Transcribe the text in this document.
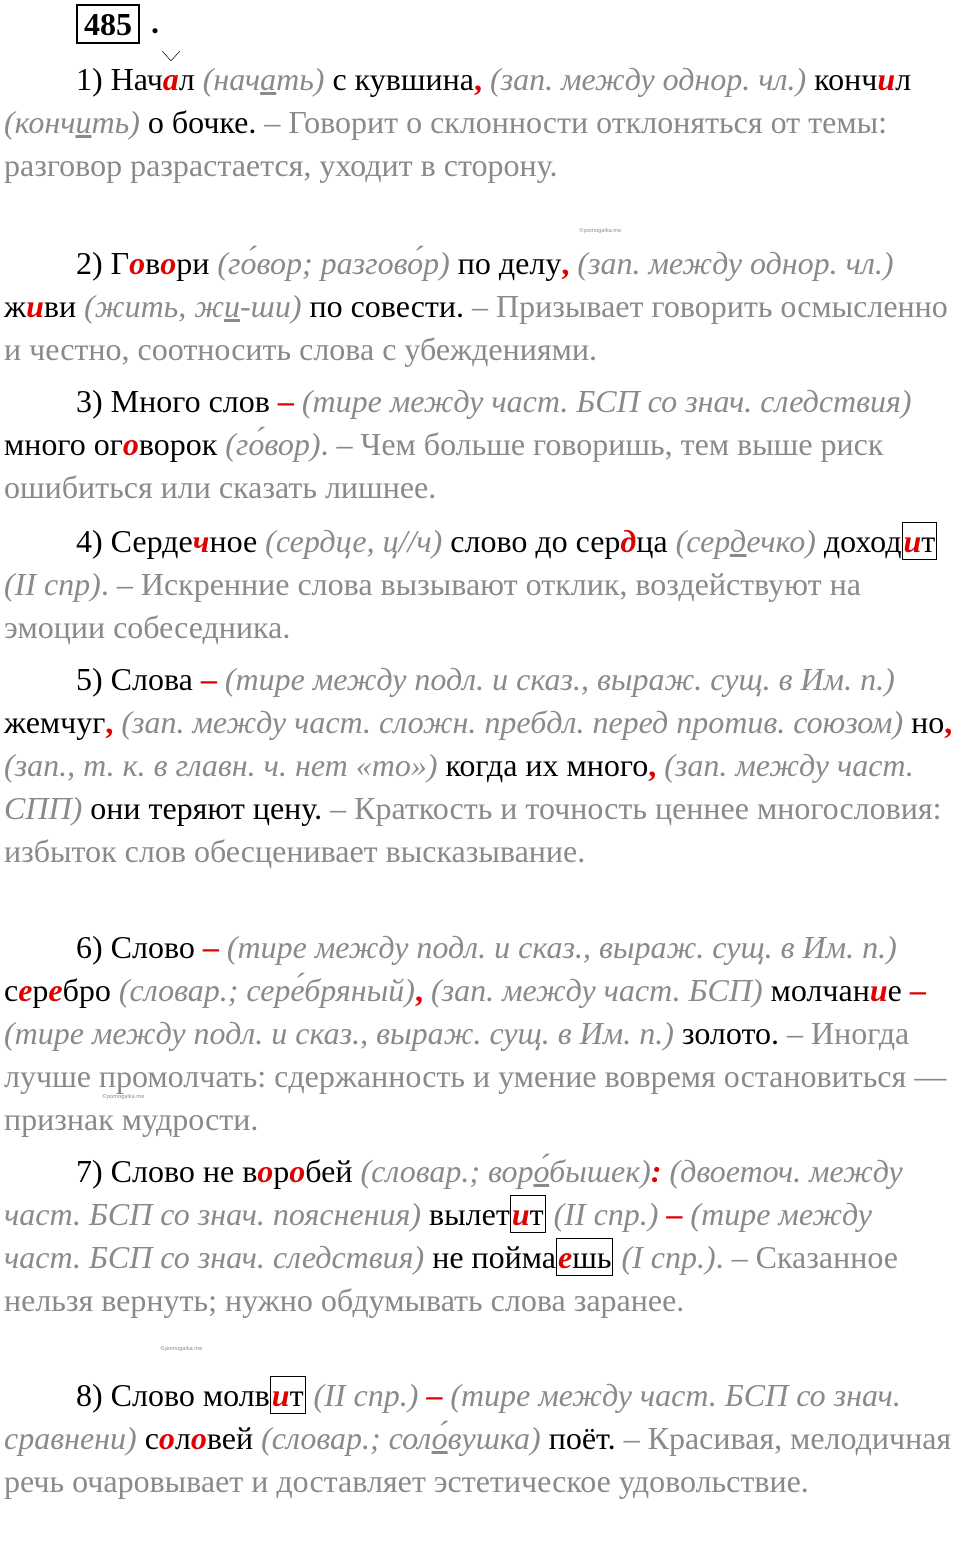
485 .

1) Начал (начать) с кувшина, (зап. между однор. чл.) кончил (кончить) о бочке. – Говорит о склонности отклоняться от темы: разговор разрастается, уходит в сторону.

©pomogalka.me

2) Говори (го́вор; разгово́р) по делу, (зап. между однор. чл.) живи (жить, жи-ши) по совести. – Призывает говорить осмысленно и честно, соотносить слова с убеждениями.

3) Много слов – (тире между част. БСП со знач. следствия) много оговорок (го́вор). – Чем больше говоришь, тем выше риск ошибиться или сказать лишнее.

4) Сердечное (сердце, ц//ч) слово до сердца (сердечко) доходит (II спр). – Искренние слова вызывают отклик, воздействуют на эмоции собеседника.

5) Слова – (тире между подл. и сказ., выраж. сущ. в Им. п.) жемчуг, (зап. между част. сложн. пребдл. перед против. союзом) но, (зап., т. к. в главн. ч. нет «то») когда их много, (зап. между част. СПП) они теряют цену. – Краткость и точность ценнее многословия: избыток слов обесценивает высказывание.

6) Слово – (тире между подл. и сказ., выраж. сущ. в Им. п.) серебро (словар.; сере́бряный), (зап. между част. БСП) молчание – (тире между подл. и сказ., выраж. сущ. в Им. п.) золото. – Иногда лучше промолчать: сдержанность и умение вовремя остановиться — признак мудрости.

©pomogalka.me

7) Слово не воробей (словар.; воро́бышек): (двоеточ. между част. БСП со знач. пояснения) вылетит (II спр.) – (тире между част. БСП со знач. следствия) не поймаешь (I спр.). – Сказанное нельзя вернуть; нужно обдумывать слова заранее.

©pomogalka.me

8) Слово молвит (II спр.) – (тире между част. БСП со знач. сравнени) соловей (словар.; соло́вушка) поёт. – Красивая, мелодичная речь очаровывает и доставляет эстетическое удовольствие.
